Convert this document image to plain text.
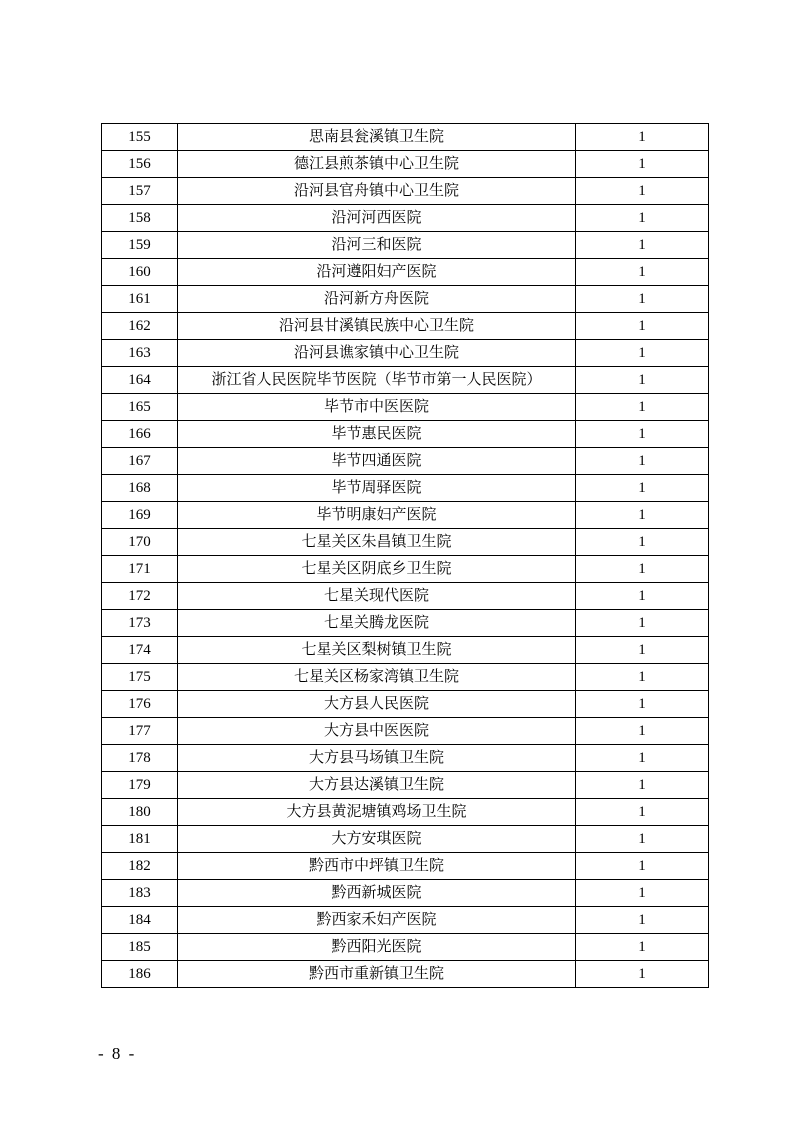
155	思南县瓮溪镇卫生院	1
156	德江县煎茶镇中心卫生院	1
157	沿河县官舟镇中心卫生院	1
158	沿河河西医院	1
159	沿河三和医院	1
160	沿河遵阳妇产医院	1
161	沿河新方舟医院	1
162	沿河县甘溪镇民族中心卫生院	1
163	沿河县谯家镇中心卫生院	1
164	浙江省人民医院毕节医院（毕节市第一人民医院）	1
165	毕节市中医医院	1
166	毕节惠民医院	1
167	毕节四通医院	1
168	毕节周驿医院	1
169	毕节明康妇产医院	1
170	七星关区朱昌镇卫生院	1
171	七星关区阴底乡卫生院	1
172	七星关现代医院	1
173	七星关腾龙医院	1
174	七星关区梨树镇卫生院	1
175	七星关区杨家湾镇卫生院	1
176	大方县人民医院	1
177	大方县中医医院	1
178	大方县马场镇卫生院	1
179	大方县达溪镇卫生院	1
180	大方县黄泥塘镇鸡场卫生院	1
181	大方安琪医院	1
182	黔西市中坪镇卫生院	1
183	黔西新城医院	1
184	黔西家禾妇产医院	1
185	黔西阳光医院	1
186	黔西市重新镇卫生院	1
- 8 -
